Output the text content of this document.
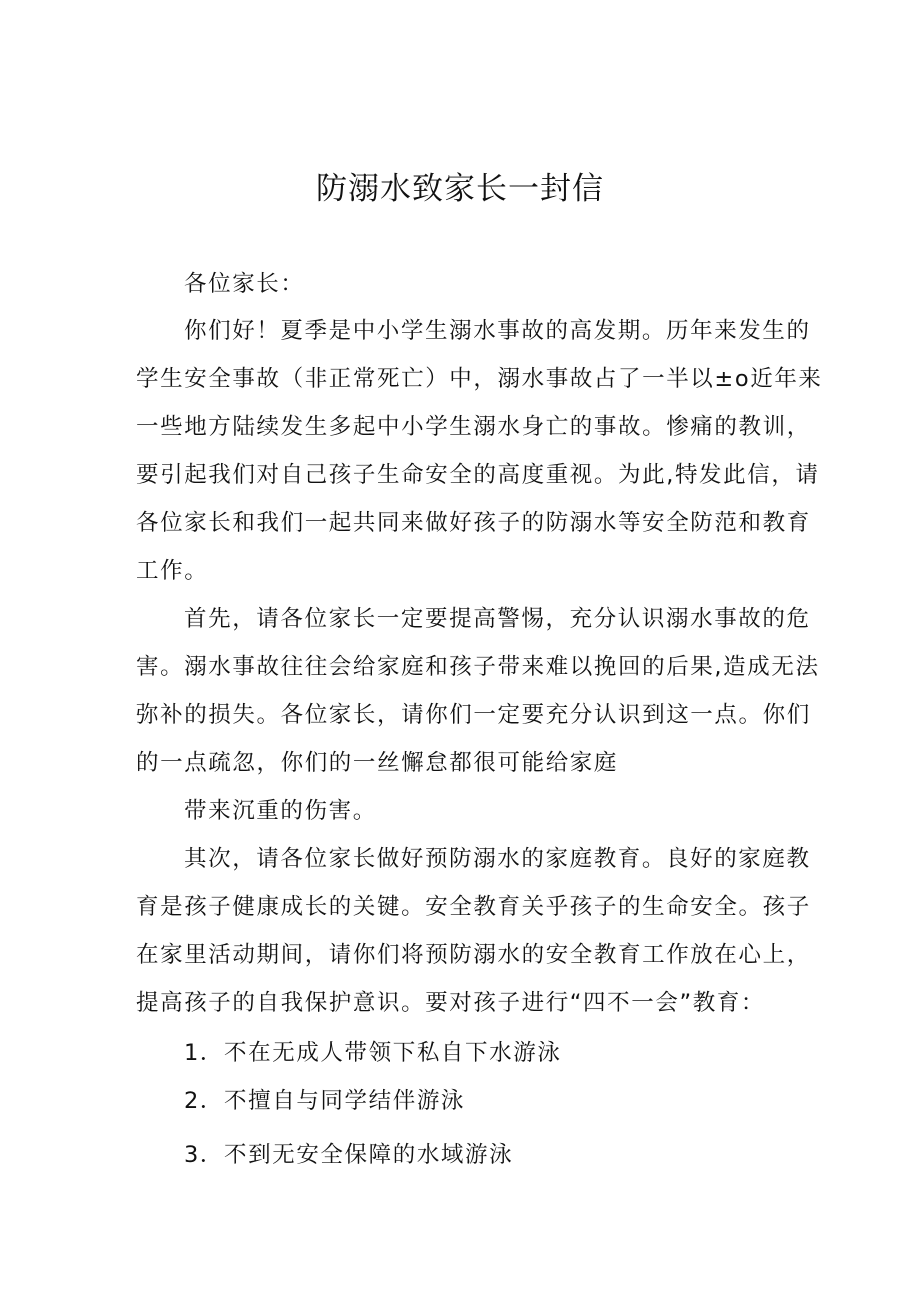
防溺水致家长一封信

各位家长：

你们好！夏季是中小学生溺水事故的高发期。历年来发生的

学生安全事故（非正常死亡）中，溺水事故占了一半以±o近年来

一些地方陆续发生多起中小学生溺水身亡的事故。惨痛的教训，

要引起我们对自己孩子生命安全的高度重视。为此,特发此信，请

各位家长和我们一起共同来做好孩子的防溺水等安全防范和教育

工作。

首先，请各位家长一定要提高警惕，充分认识溺水事故的危

害。溺水事故往往会给家庭和孩子带来难以挽回的后果,造成无法

弥补的损失。各位家长，请你们一定要充分认识到这一点。你们

的一点疏忽，你们的一丝懈怠都很可能给家庭

带来沉重的伤害。

其次，请各位家长做好预防溺水的家庭教育。良好的家庭教

育是孩子健康成长的关键。安全教育关乎孩子的生命安全。孩子

在家里活动期间，请你们将预防溺水的安全教育工作放在心上，

提高孩子的自我保护意识。要对孩子进行“四不一会”教育：

1．不在无成人带领下私自下水游泳

2．不擅自与同学结伴游泳

3．不到无安全保障的水域游泳
